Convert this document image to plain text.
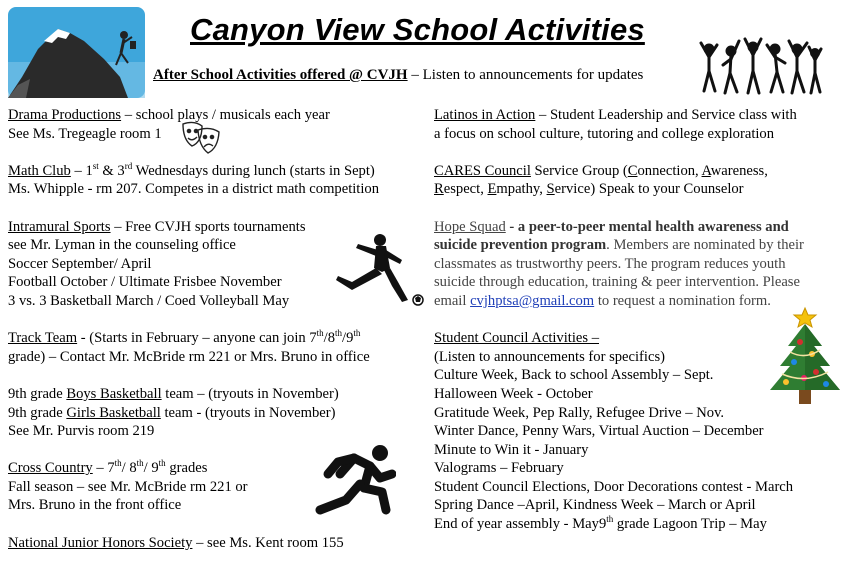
Canyon View School Activities
After School Activities offered @ CVJH – Listen to announcements for updates

Drama Productions – school plays / musicals each year

See Ms. Tregeagle room 1

Math Club – 1st & 3rd Wednesdays during lunch (starts in Sept)

Ms. Whipple - rm 207. Competes in a district math competition

Intramural Sports – Free CVJH sports tournaments

see Mr. Lyman in the counseling office

Soccer September/ April

Football October / Ultimate Frisbee November

3 vs. 3 Basketball March / Coed Volleyball May

Track Team - (Starts in February – anyone can join 7th/8th/9th

grade) – Contact Mr. McBride rm 221 or Mrs. Bruno in office

9th grade Boys Basketball team – (tryouts in November)

9th grade Girls Basketball team - (tryouts in November)

See Mr. Purvis room 219

Cross Country – 7th/ 8th/ 9th grades

Fall season – see Mr. McBride rm 221 or

Mrs. Bruno in the front office

National Junior Honors Society – see Ms. Kent room 155

Latinos in Action – Student Leadership and Service class with

a focus on school culture, tutoring and college exploration

CARES Council Service Group (Connection, Awareness,

Respect, Empathy, Service) Speak to your Counselor

Hope Squad - a peer-to-peer mental health awareness and

suicide prevention program. Members are nominated by their

classmates as trustworthy peers. The program reduces youth

suicide through education, training & peer intervention. Please

email cvjhptsa@gmail.com to request a nomination form.

Student Council Activities –

(Listen to announcements for specifics)

Culture Week, Back to school Assembly – Sept.

Halloween Week - October

Gratitude Week, Pep Rally, Refugee Drive – Nov.

Winter Dance, Penny Wars, Virtual Auction – December

Minute to Win it - January

Valograms – February

Student Council Elections, Door Decorations contest - March

Spring Dance –April, Kindness Week – March or April

End of year assembly - May9th grade Lagoon Trip – May
